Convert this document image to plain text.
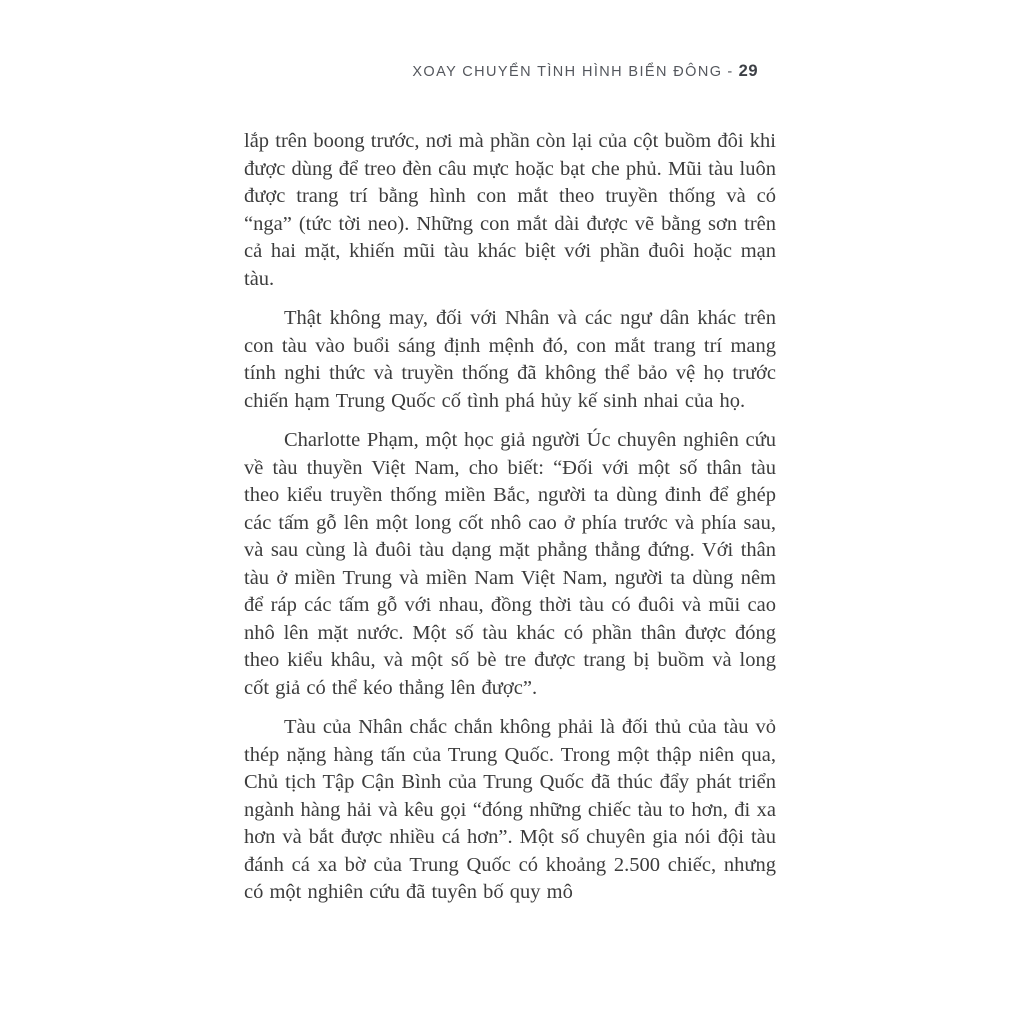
XOAY CHUYỂN TÌNH HÌNH BIỂN ĐÔNG - 29

lắp trên boong trước, nơi mà phần còn lại của cột buồm đôi khi được dùng để treo đèn câu mực hoặc bạt che phủ. Mũi tàu luôn được trang trí bằng hình con mắt theo truyền thống và có “nga” (tức tời neo). Những con mắt dài được vẽ bằng sơn trên cả hai mặt, khiến mũi tàu khác biệt với phần đuôi hoặc mạn tàu.

Thật không may, đối với Nhân và các ngư dân khác trên con tàu vào buổi sáng định mệnh đó, con mắt trang trí mang tính nghi thức và truyền thống đã không thể bảo vệ họ trước chiến hạm Trung Quốc cố tình phá hủy kế sinh nhai của họ.

Charlotte Phạm, một học giả người Úc chuyên nghiên cứu về tàu thuyền Việt Nam, cho biết: “Đối với một số thân tàu theo kiểu truyền thống miền Bắc, người ta dùng đinh để ghép các tấm gỗ lên một long cốt nhô cao ở phía trước và phía sau, và sau cùng là đuôi tàu dạng mặt phẳng thẳng đứng. Với thân tàu ở miền Trung và miền Nam Việt Nam, người ta dùng nêm để ráp các tấm gỗ với nhau, đồng thời tàu có đuôi và mũi cao nhô lên mặt nước. Một số tàu khác có phần thân được đóng theo kiểu khâu, và một số bè tre được trang bị buồm và long cốt giả có thể kéo thẳng lên được”.

Tàu của Nhân chắc chắn không phải là đối thủ của tàu vỏ thép nặng hàng tấn của Trung Quốc. Trong một thập niên qua, Chủ tịch Tập Cận Bình của Trung Quốc đã thúc đẩy phát triển ngành hàng hải và kêu gọi “đóng những chiếc tàu to hơn, đi xa hơn và bắt được nhiều cá hơn”. Một số chuyên gia nói đội tàu đánh cá xa bờ của Trung Quốc có khoảng 2.500 chiếc, nhưng có một nghiên cứu đã tuyên bố quy mô
